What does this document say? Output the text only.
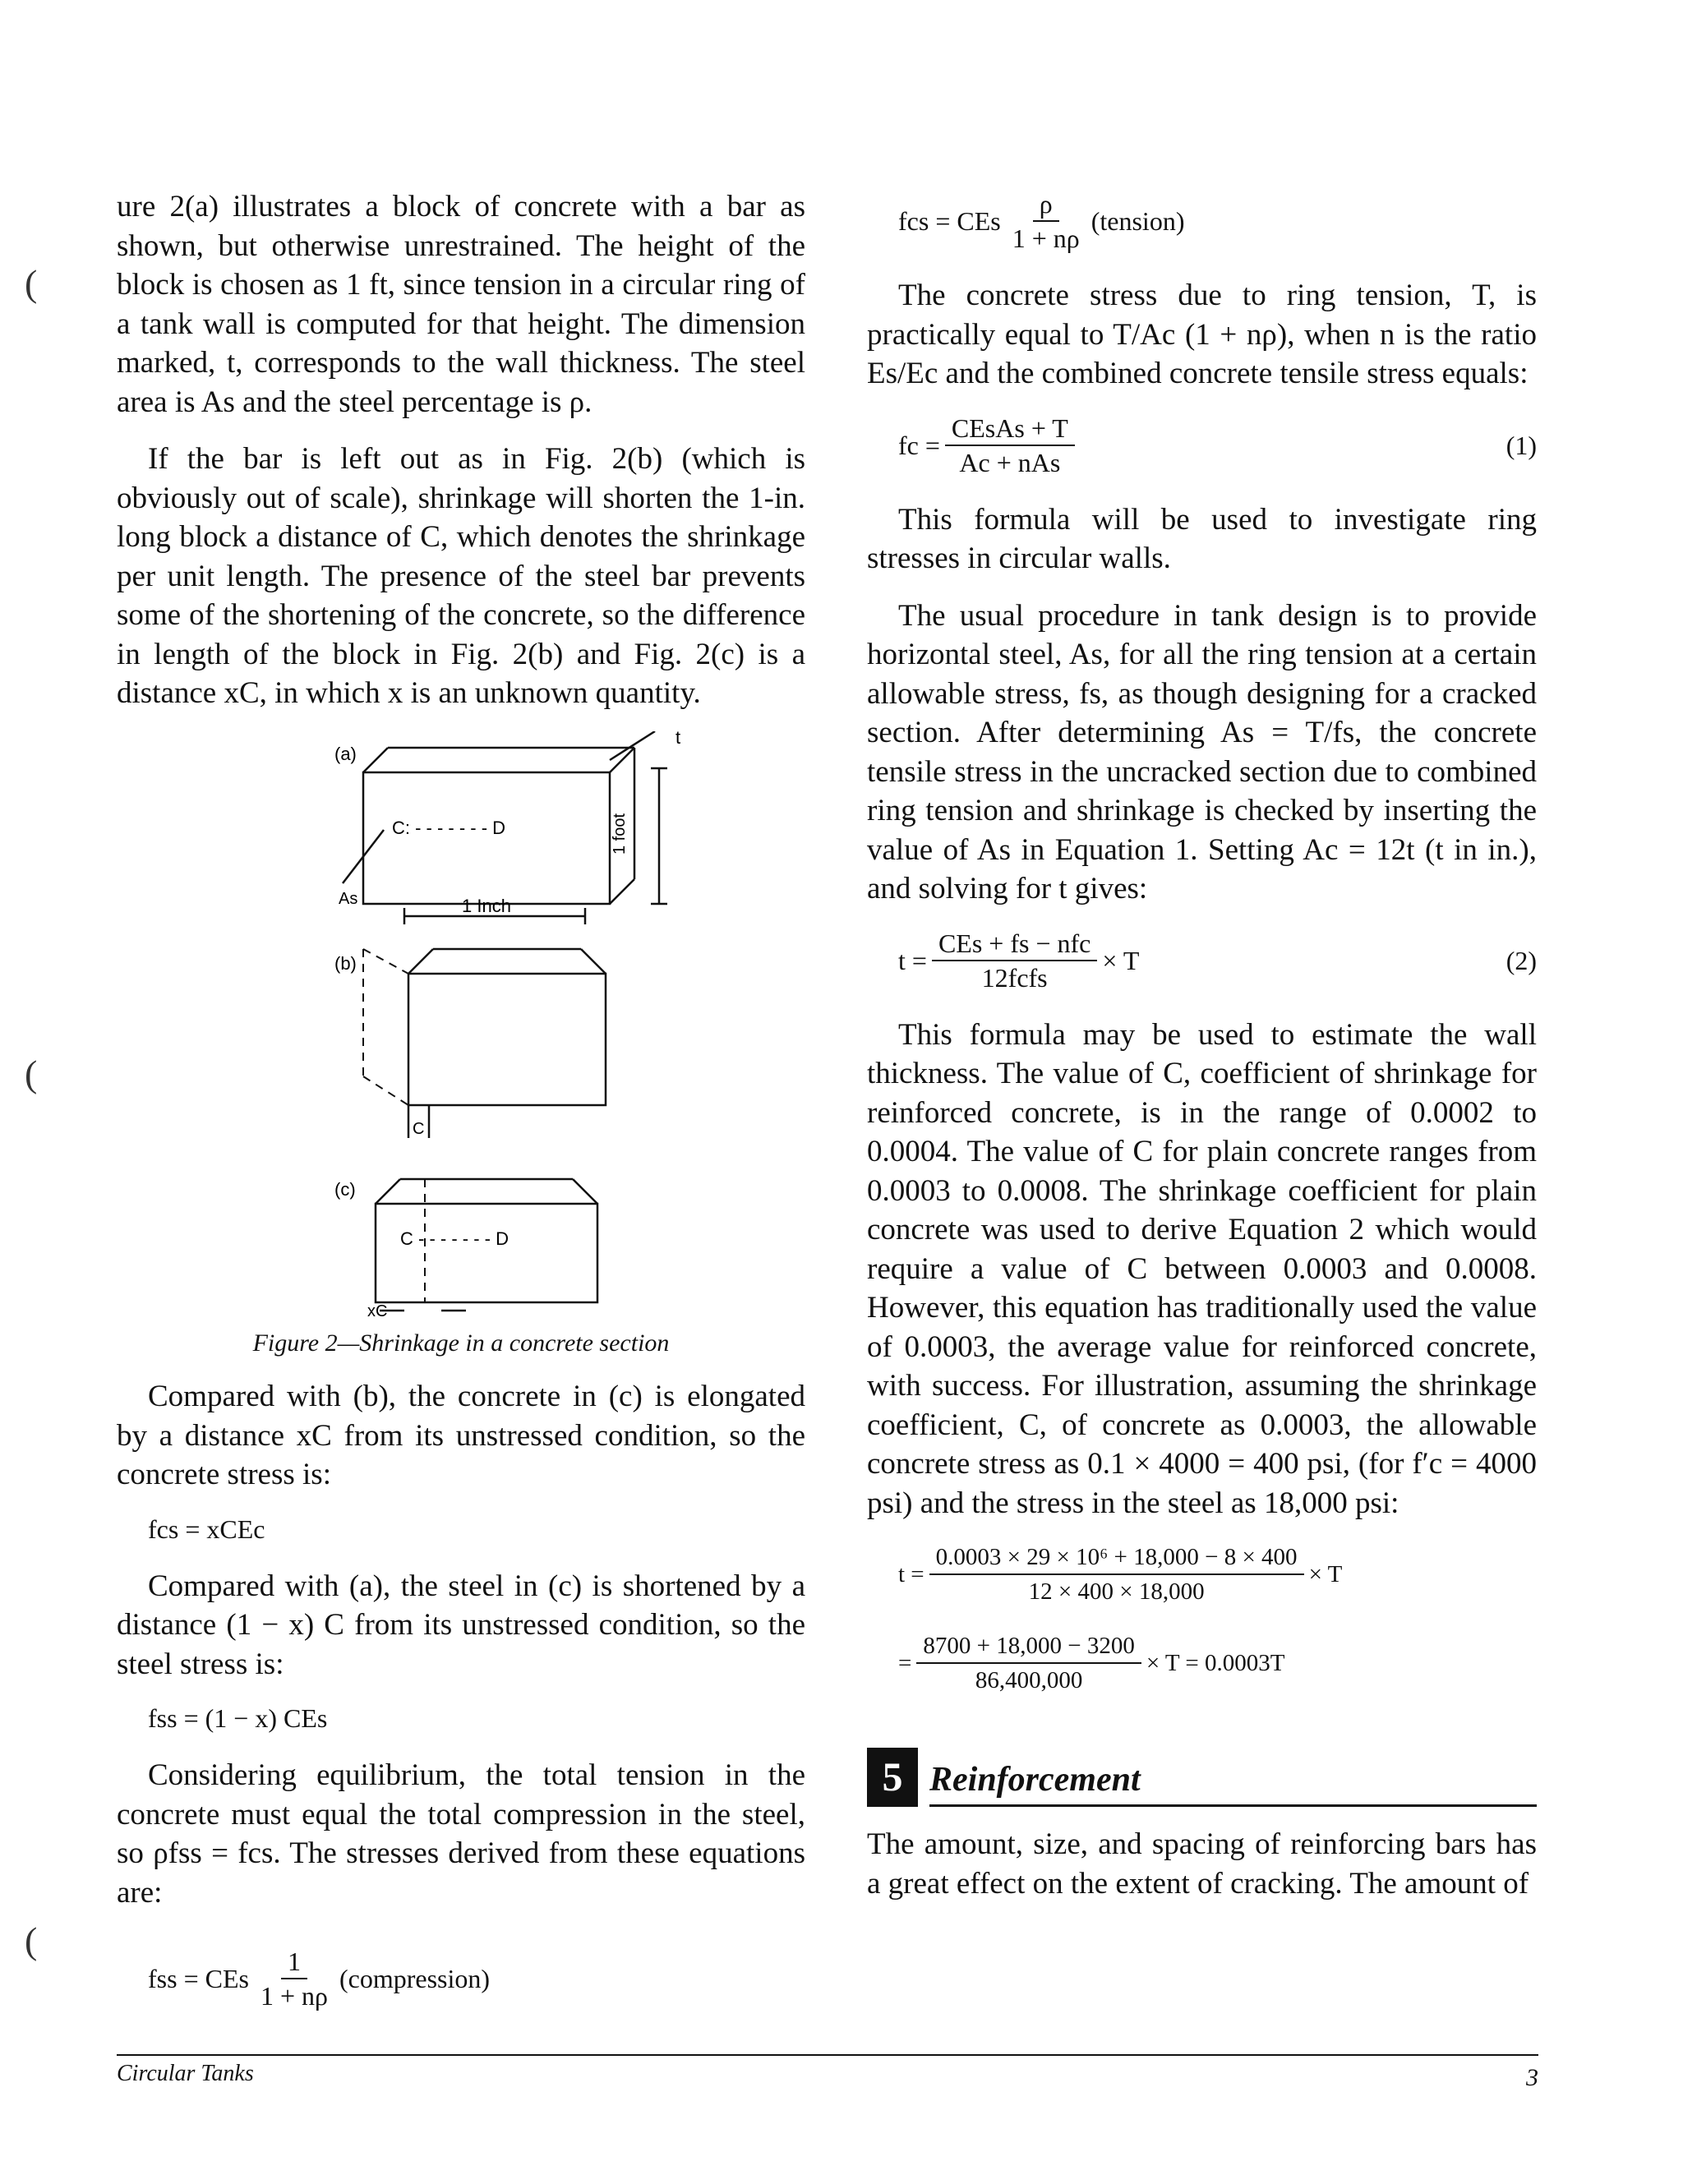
(
(
(

ure 2(a) illustrates a block of concrete with a bar as shown, but otherwise unrestrained. The height of the block is chosen as 1 ft, since tension in a circular ring of a tank wall is computed for that height. The dimension marked, t, corresponds to the wall thickness. The steel area is As and the steel percentage is ρ.

If the bar is left out as in Fig. 2(b) (which is obviously out of scale), shrinkage will shorten the 1-in. long block a distance of C, which denotes the shrinkage per unit length. The presence of the steel bar prevents some of the shortening of the concrete, so the difference in length of the block in Fig. 2(b) and Fig. 2(c) is a distance xC, in which x is an unknown quantity.

(a)
C: - - - - - - - D
t
As	1 Inch
1 foot
(b)
C
(c)
C - - - - - - - D
xC
Figure 2—Shrinkage in a concrete section

Compared with (b), the concrete in (c) is elongated by a distance xC from its unstressed condition, so the concrete stress is:

fcs = xCEc

Compared with (a), the steel in (c) is shortened by a distance (1 − x) C from its unstressed condition, so the steel stress is:

fss = (1 − x) CEs

Considering equilibrium, the total tension in the concrete must equal the total compression in the steel, so ρfss = fcs. The stresses derived from these equations are:

fss = CEs $\frac{1}{1 + n\rho}$ (compression)
fcs = CEs $\frac{\rho}{1 + n\rho}$ (tension)

The concrete stress due to ring tension, T, is practically equal to T/Ac (1 + nρ), when n is the ratio Es/Ec and the combined concrete tensile stress equals:

fc = $\frac{\text{CEsAs + T}}{\text{Ac + nAs}}$	(1)

This formula will be used to investigate ring stresses in circular walls.

The usual procedure in tank design is to provide horizontal steel, As, for all the ring tension at a certain allowable stress, fs, as though designing for a cracked section. After determining As = T/fs, the concrete tensile stress in the uncracked section due to combined ring tension and shrinkage is checked by inserting the value of As in Equation 1. Setting Ac = 12t (t in in.), and solving for t gives:

$t = \frac{\text{CEs + fs − nfc}}{\text{12fcfs}} \times T$	(2)

This formula may be used to estimate the wall thickness. The value of C, coefficient of shrinkage for reinforced concrete, is in the range of 0.0002 to 0.0004. The value of C for plain concrete ranges from 0.0003 to 0.0008. The shrinkage coefficient for plain concrete was used to derive Equation 2 which would require a value of C between 0.0003 and 0.0008. However, this equation has traditionally used the value of 0.0003, the average value for reinforced concrete, with success. For illustration, assuming the shrinkage coefficient, C, of concrete as 0.0003, the allowable concrete stress as 0.1 × 4000 = 400 psi, (for f′c = 4000 psi) and the stress in the steel as 18,000 psi:

$t = \frac{\text{0.0003 × 29 × 10⁶ + 18,000 − 8 × 400}}{12 \times 400 \times 18,000} \times T$
= $\frac{8700 + 18,000 - 3200}{86,400,000} \times T = 0.0003T$
5 Reinforcement

The amount, size, and spacing of reinforcing bars has a great effect on the extent of cracking. The amount of

Circular Tanks	3
